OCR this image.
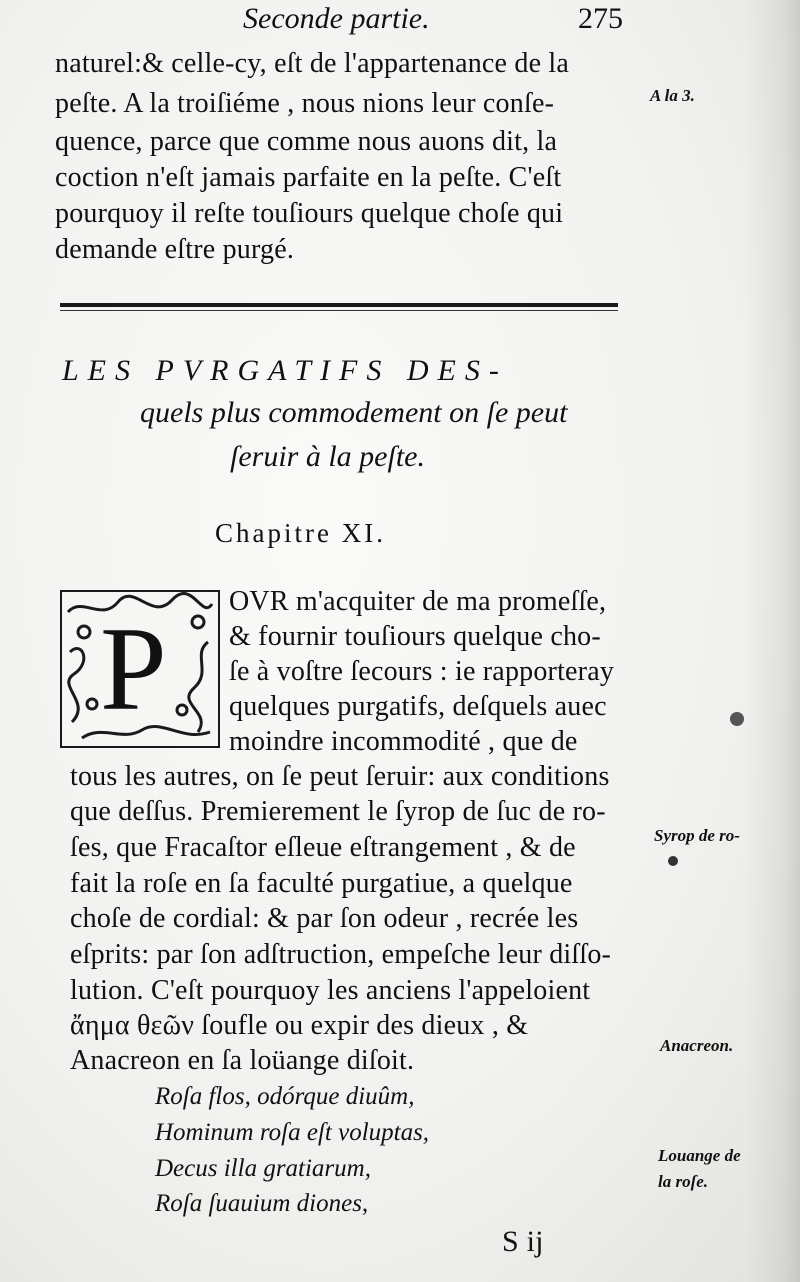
Seconde partie.	275
naturel:& celle-cy, eſt de l'appartenance de la
peſte. A la troiſiéme , nous nions leur conſe-
quence, parce que comme nous auons dit, la
coction n'eſt jamais parfaite en la peſte. C'eſt
pourquoy il reſte touſiours quelque choſe qui
demande eſtre purgé.
A la 3.
LES PVRGATIFS DES-
quels plus commodement on ſe peut
ſeruir à la peſte.
Chapitre XI.
P
OVR m'acquiter de ma promeſſe,
& fournir touſiours quelque cho-
ſe à voſtre ſecours : ie rapporteray
quelques purgatifs, deſquels auec
moindre incommodité , que de
tous les autres, on ſe peut ſeruir: aux conditions
que deſſus. Premierement le ſyrop de ſuc de ro-
ſes, que Fracaſtor eſleue eſtrangement , & de
fait la roſe en ſa faculté purgatiue, a quelque
choſe de cordial: & par ſon odeur , recrée les
eſprits: par ſon adſtruction, empeſche leur diſſo-
lution. C'eſt pourquoy les anciens l'appeloient
ἄημα θεῶν ſoufle ou expir des dieux , &
Anacreon en ſa loüange diſoit.
Syrop de ro-
Anacreon.
Louange de
la roſe.
Roſa flos, odórque diuûm,
Hominum roſa eſt voluptas,
Decus illa gratiarum,
Roſa ſuauium diones,
S ij
